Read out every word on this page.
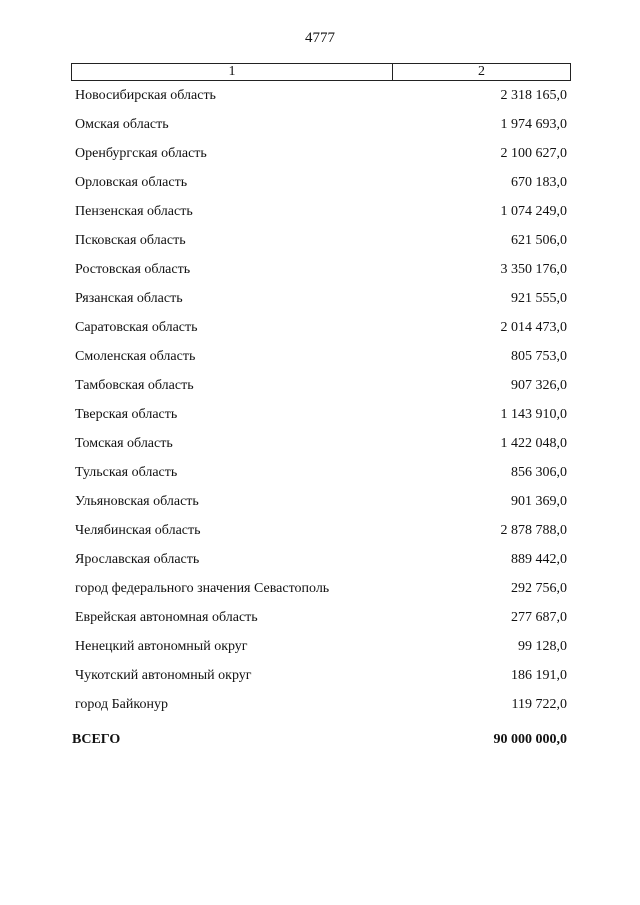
4777
1	2
Новосибирская область	2 318 165,0
Омская область	1 974 693,0
Оренбургская область	2 100 627,0
Орловская область	670 183,0
Пензенская область	1 074 249,0
Псковская область	621 506,0
Ростовская область	3 350 176,0
Рязанская область	921 555,0
Саратовская область	2 014 473,0
Смоленская область	805 753,0
Тамбовская область	907 326,0
Тверская область	1 143 910,0
Томская область	1 422 048,0
Тульская область	856 306,0
Ульяновская область	901 369,0
Челябинская область	2 878 788,0
Ярославская область	889 442,0
город федерального значения Севастополь	292 756,0
Еврейская автономная область	277 687,0
Ненецкий автономный округ	99 128,0
Чукотский автономный округ	186 191,0
город Байконур	119 722,0
ВСЕГО	90 000 000,0
